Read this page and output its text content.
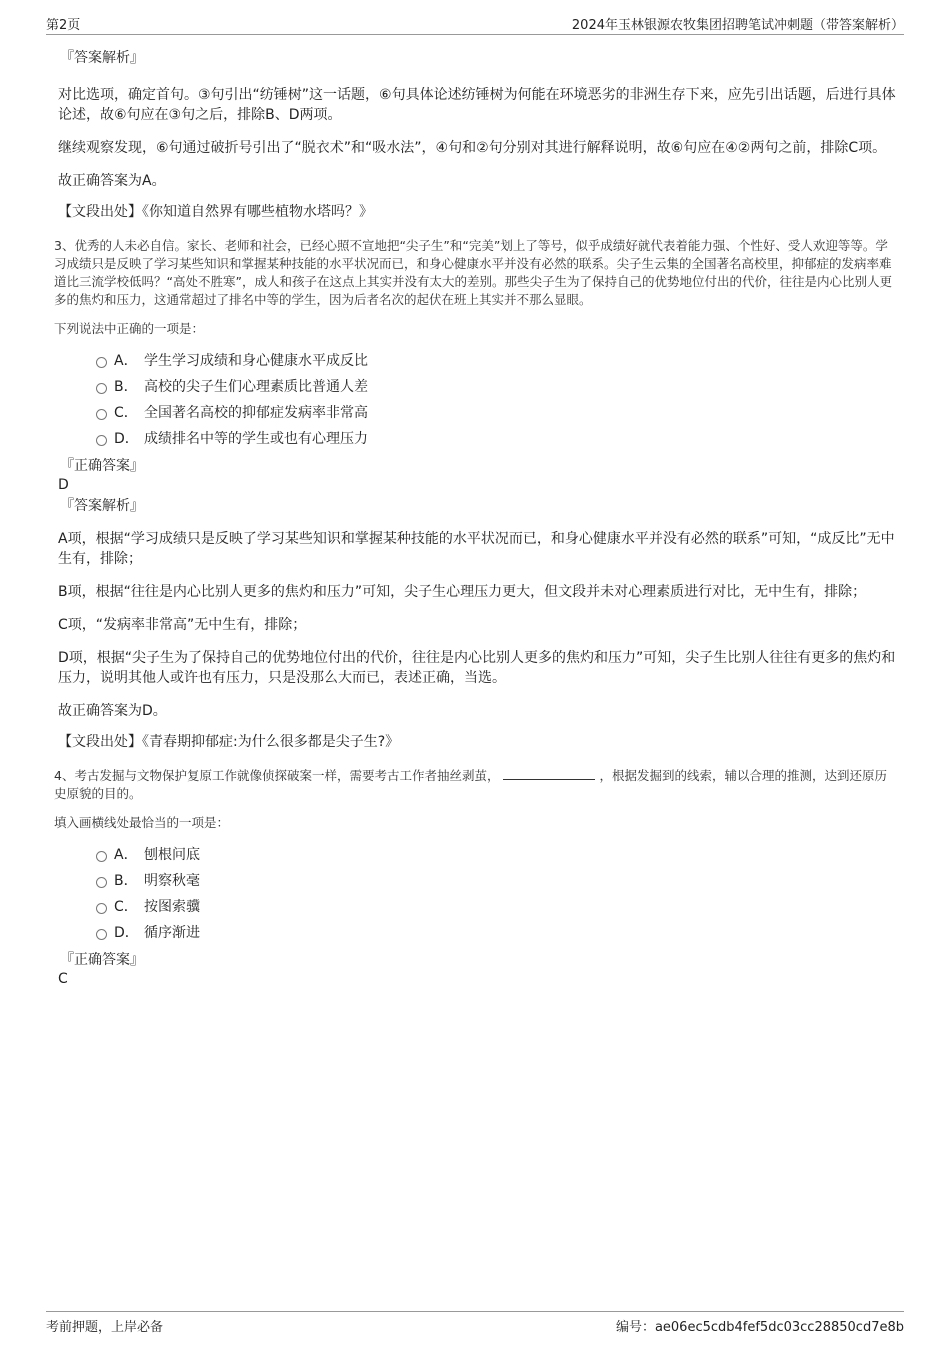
第2页	2024年玉林银源农牧集团招聘笔试冲刺题（带答案解析）
『答案解析』

对比选项，确定首句。③句引出“纺锤树”这一话题，⑥句具体论述纺锤树为何能在环境恶劣的非洲生存下来，应先引出话题，后进行具体论述，故⑥句应在③句之后，排除B、D两项。

继续观察发现，⑥句通过破折号引出了“脱衣术”和“吸水法”，④句和②句分别对其进行解释说明，故⑥句应在④②两句之前，排除C项。

故正确答案为A。

【文段出处】《你知道自然界有哪些植物水塔吗？》

3、优秀的人未必自信。家长、老师和社会，已经心照不宣地把“尖子生”和“完美”划上了等号，似乎成绩好就代表着能力强、个性好、受人欢迎等等。学习成绩只是反映了学习某些知识和掌握某种技能的水平状况而已，和身心健康水平并没有必然的联系。尖子生云集的全国著名高校里，抑郁症的发病率难道比三流学校低吗？“高处不胜寒”，成人和孩子在这点上其实并没有太大的差别。那些尖子生为了保持自己的优势地位付出的代价，往往是内心比别人更多的焦灼和压力，这通常超过了排名中等的学生，因为后者名次的起伏在班上其实并不那么显眼。

下列说法中正确的一项是：

A． 学生学习成绩和身心健康水平成反比
B． 高校的尖子生们心理素质比普通人差
C． 全国著名高校的抑郁症发病率非常高
D． 成绩排名中等的学生或也有心理压力
『正确答案』

D

『答案解析』

A项，根据“学习成绩只是反映了学习某些知识和掌握某种技能的水平状况而已，和身心健康水平并没有必然的联系”可知，“成反比”无中生有，排除；

B项，根据“往往是内心比别人更多的焦灼和压力”可知，尖子生心理压力更大，但文段并未对心理素质进行对比，无中生有，排除；

C项，“发病率非常高”无中生有，排除；

D项，根据“尖子生为了保持自己的优势地位付出的代价，往往是内心比别人更多的焦灼和压力”可知，尖子生比别人往往有更多的焦灼和压力，说明其他人或许也有压力，只是没那么大而已，表述正确，当选。

故正确答案为D。

【文段出处】《青春期抑郁症:为什么很多都是尖子生?》

4、考古发掘与文物保护复原工作就像侦探破案一样，需要考古工作者抽丝剥茧，	，根据发掘到的线索，辅以合理的推测，达到还原历史原貌的目的。

填入画横线处最恰当的一项是：

A． 刨根问底
B． 明察秋毫
C． 按图索骥
D． 循序渐进
『正确答案』

C

考前押题，上岸必备	编号：ae06ec5cdb4fef5dc03cc28850cd7e8b
